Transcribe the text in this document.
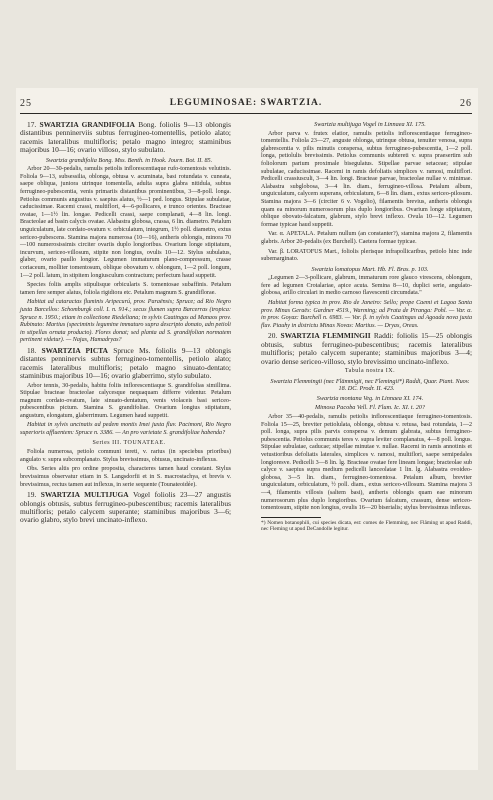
25	LEGUMINOSAE: SWARTZIA.	26

17. SWARTZIA GRANDIFOLIA Bong. foliolis 9—13 oblongis distantibus penninerviis subtus ferrugineo-tomentellis, petiolo alato; racemis lateralibus multifloris; petalo magno integro; staminibus majoribus 10—16; ovario villoso, stylo subulato.

Swartzia grandifolia Bong. Mss. Benth. in Hook. Journ. Bot. II. 85.

Arbor 20—30-pedalis, ramulis petiolis inflorescentiaque rufo-tomentosis velutinis. Foliola 9—13, subsessilia, oblonga, obtusa v. acuminata, basi rotundata v. cuneata, saepe obliqua, juniora utrinque tomentella, adulta supra glabra nitidula, subtus ferrugineo-pubescentia, venis primariis distantibus prominentibus, 3—8-poll. longa. Petiolus communis angustius v. saepius alatus, ½—1 ped. longus. Stipulae subulatae, caducissimae. Racemi crassi, multiflori, 4—6-pollicares, e trunco orientes. Bracteae ovatae, 1—1½ lin. longae. Pedicelli crassi, saepe complanati, 4—8 lin. longi. Bracteolae ad basin calycis ovatae. Alabastra globosa, crassa, 6 lin. diametro. Petalum unguiculatum, late cordato-ovatum v. orbiculatum, integrum, 1½ poll. diametro, extus sericeo-pubescens. Stamina majora numerosa (10—16), antheris oblongis, minora 70—100 numerosissimis circiter ovariis duplo longioribus. Ovarium longe stipitatum, incurvum, sericeo-villosum, stipite non longius, ovulis 10—12. Stylus subulatus, glaber, ovario paullo longior. Legumen immaturum plano-compressum, crasse coriaceum, molliter tomentosum, oblique obovatum v. oblongum, 1—2 poll. longum, 1—2 poll. latum, in stipitem longiusculum contractum; perfectum haud suppetit.

Species foliis amplis stipulisque orbicularis S. tomentosae subaffinis. Petalum tamen fere semper alatus, foliola rigidiora etc. Petalum magnum S. grandiflorae.

Habitat ad cataractas fluminis Aripecurú, prov. Paraënsis; Spruce; ad Rio Negro juxta Barcellos: Schomburgk coll. I. n. 914.; secus flumen supra Barcerras (tropica: Spruce n. 1950.; etiam in collectione Riedeliana; in sylvis Caatingas ad Manaos prov. Rubinato: Martius (speciminis legumine immaturo supra descripto donato, adn petioli in stipellas ornata producto). Flores donat; sed planta ad S. grandifolian normatem pertinent videtur). — Najas, Hamadryas?

18. SWARTZIA PICTA Spruce Ms. foliolis 9—13 oblongis distantes penninervis subtus ferrugineo-tomentellis, petiolo alato; racemis lateralibus multifloris; petalo magno sinuato-dentato; staminibus majoribus 10—16; ovario glaberrimo, stylo subulato.

Arbor tennis, 30-pedalis, habitu foliis inflorescentiaque S. grandifolias simillima. Stipulae bracteae bracteolae calycesque nequaquam differre videntur. Petalum magnum cordato-ovatum, late sinuato-dentatum, venis violaceis basi sericeo-pubescentibus pictum. Stamina S. grandifoliae. Ovarium longius stipitatum, angustum, elongatum, glaberrimum. Legumen haud suppetit.

Habitat in sylvis uncinatis ad pedem montis Imei juxta fluv. Pacimoni, Rio Negro superioris affluentem: Spruce n. 3386. — An pro varietate S. grandifoliae habenda?

Series III. TOUNATEAE.

Foliola numerosa, petiolo communi tereti, v. rarius (in speciebus prioribus) angulato v. supra subcomplanato. Stylus brevissimus, obtusus, uncinato-inflexus.

Obs. Series altis pro ordine proposita, characteres tamen haud constant. Stylus brevissimus observatur etiam in S. Langsdorfii et in S. macrostachya, et brevis v. brevissimus, rectus tamen aut inflexus, in serie sequente (Tounateoidée).

19. SWARTZIA MULTIJUGA Vogel foliolis 23—27 angustis oblongis obtusis, subtus ferrugineo-pubescentibus; racemis lateralibus multifloris; petalo calycem superante; staminibus majoribus 3—6; ovario glabro, stylo brevi uncinato-inflexo.

Swartzia multijuga Vogel in Linnaea XI. 175.

Arbor parva v. frutex elatior, ramulis petiolis inflorescentiaque ferrugineo-tomentellis. Foliola 23—27, anguste oblonga, utrinque obtusa, tenuiter venosa, supra glabrescentia v. pilis minutis conspersa, subtus ferrugineo-pubescentia, 1—2 poll. longa, petiolulis brevissimis. Petiolus communis subtereti v. supra praesertim sub foliolorum parium proximale bisegulatus. Stipellae parvae setaceae; stipulae subulatae, caducissimae. Racemi in ramis defoliatis simplices v. ramosi, multiflori. Pedicelli crassiusculi, 3—4 lin. longi. Bracteae parvae, bracteolae nullae v. minimae. Alabastra subglobosa, 3—4 lin. diam., ferrugineo-villosa. Petalum album, unguiculatum, calycem superans, orbiculatum, 6—8 lin. diam., extus sericeo-pilosum. Stamina majora 3—6 (circiter 6 v. Vogelio), filamentis brevius, antheris oblongis quam ea minorum numerosorum plus duplo longioribus. Ovarium longe stipitatum, oblique obovato-falcatum, glabrum, stylo brevi inflexo. Ovula 10—12. Legumen formae typicae haud suppetit.

Var. α. APETALA. Petalum nullum (an constanter?), stamina majora 2, filamentis glabris. Arbor 20-pedalis (ex Burchell). Caetera formae typicae.

Var. β. LORATOFUS Mart., foliolis plerisque infrapollicaribus, petiolo hinc inde subemarginato.

Swartzia lomatopus Mart. Hb. Fl. Bras. p. 103.

„Legumen 2—3-pollicare, glabrum, immaturum rore glauco virescens, oblongum, fere ad legumen Crotalariae, apice acuta. Semina 8—10, duplici serie, angulato-globosa, arillo circulari in medio carnoso flavescenti circumdata."

Habitat forma typica in prov. Rio de Janeiro: Sello; prope Caemi et Lagoa Santa prov. Minas Geraës: Gardner 4519., Warming; ad Prata de Piranga: Pohl. — Var. α. in prov. Goyaz: Burchell n. 6983. — Var. β. in sylvis Caatingas ad Agoada nova juxta fluv. Piauhy in districtu Minas Novas: Martius. — Dryas, Oreas.

20. SWARTZIA FLEMMINGII Raddi: foliolis 15—25 oblongis obtusis, subtus ferrugineo-pubescentibus; racemis lateralibus multifloris; petalo calycem superante; staminibus majoribus 3—4; ovario dense sericeo-villoso, stylo brevissimo uncinato-inflexo.

Tabula nostra IX.

Swartzia Flemmingii (nec Flämmigii, nec Flemingii*) Raddi, Quar. Piant. Nuov. 18. DC. Prodr. II. 423.

Swartzia montana Veg. in Linnaea XI. 174.

Mimosa Pacoba Vell. Fl. Flum. Ic. XI. t. 20?

Arbor 35—40-pedalis, ramulis petiolis inflorescentiaque ferrugineo-tomentosis. Foliola 15—25, breviter petiolulata, oblonga, obtusa v. retusa, basi rotundata, 1—2 poll. longa, supra pilis parvis conspersa v. demum glabrata, subtus ferrugineo-pubescentia. Petiolus communis teres v. supra leviter complanatus, 4—8 poll. longus. Stipulae subulatae, caducae; stipellae minutae v. nullae. Racemi in ramis annotinis et vetustioribus defoliatis laterales, simplices v. ramosi, multiflori, saepe semipedales longioresve. Pedicelli 3—8 lin. lg. Bracteae ovatae fere lineam longae; bracteolae sub calyce v. saepius supra medium pedicelli lanceolatae 1 lin. lg. Alabastra ovoideo-globosa, 3—5 lin. diam., ferrugineo-tomentosa. Petalum album, breviter unguiculatum, orbiculatum, ½ poll. diam., extus sericeo-villosum. Stamina majora 3—4, filamentis villosis (saltem basi), antheris oblongis quam eae minorum numerosorum plus duplo longioribus. Ovarium falcatum, crassum, dense sericeo-tomentosum, stipite non longius, ovulis 16—20 biserialis; stylus brevissimus inflexus.

*) Nomen botanophili, cui species dicata, est: comes de Flemming, nec Flâming ut apud Raddi, nec Fleming ut apud DeCandolle legitur.
